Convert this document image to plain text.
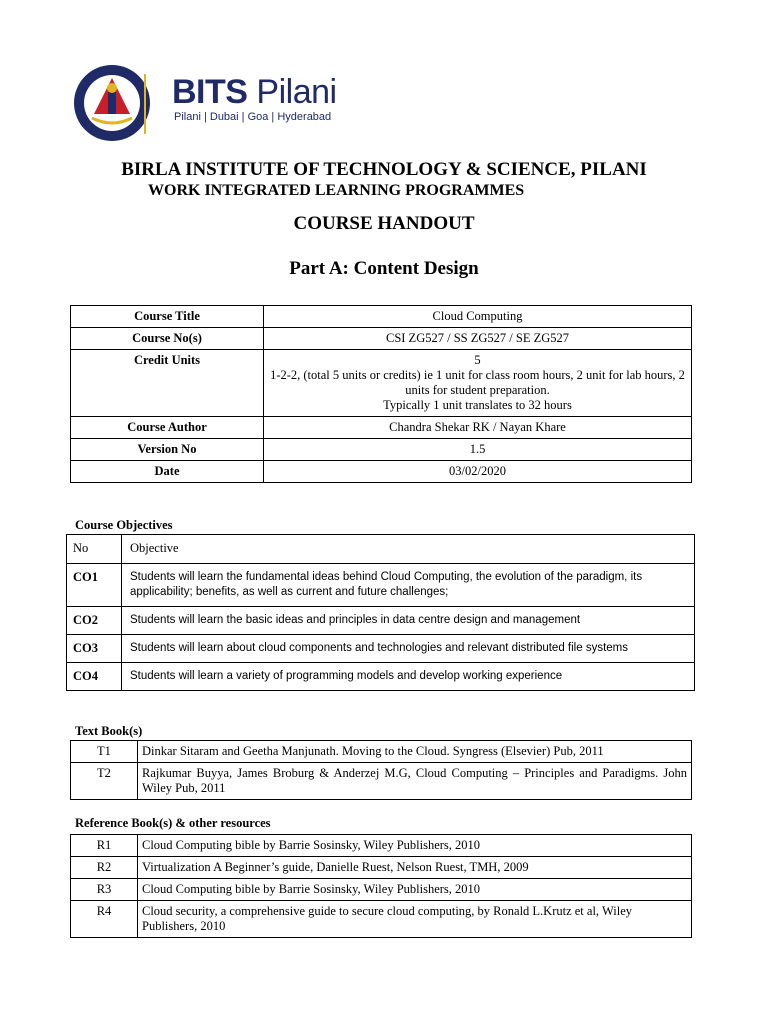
BITS Pilani
Pilani | Dubai | Goa | Hyderabad
BIRLA INSTITUTE OF TECHNOLOGY & SCIENCE, PILANI
WORK INTEGRATED LEARNING PROGRAMMES
COURSE HANDOUT
Part A: Content Design
Course Title	Cloud Computing

Course No(s)	CSI ZG527 / SS ZG527 / SE ZG527

Credit Units	5
1-2-2, (total 5 units or credits) ie 1 unit for class room hours, 2 unit for lab hours, 2 units for student preparation.
Typically 1 unit translates to 32 hours

Course Author	Chandra Shekar RK / Nayan Khare

Version No	1.5

Date	03/02/2020
Course Objectives
No	Objective
CO1	Students will learn the fundamental ideas behind Cloud Computing, the evolution of the paradigm, its applicability; benefits, as well as current and future challenges;
CO2	Students will learn the basic ideas and principles in data centre design and management
CO3	Students will learn about cloud components and technologies and relevant distributed file systems
CO4	Students will learn a variety of programming models and develop working experience
Text Book(s)
T1	Dinkar Sitaram and Geetha Manjunath. Moving to the Cloud. Syngress (Elsevier) Pub, 2011
T2	Rajkumar Buyya, James Broburg & Anderzej M.G, Cloud Computing – Principles and Paradigms. John Wiley Pub, 2011
Reference Book(s) & other resources
R1	Cloud Computing bible by Barrie Sosinsky, Wiley Publishers, 2010
R2	Virtualization A Beginner’s guide, Danielle Ruest, Nelson Ruest, TMH, 2009
R3	Cloud Computing bible by Barrie Sosinsky, Wiley Publishers, 2010
R4	Cloud security, a comprehensive guide to secure cloud computing, by Ronald L.Krutz et al, Wiley Publishers, 2010
